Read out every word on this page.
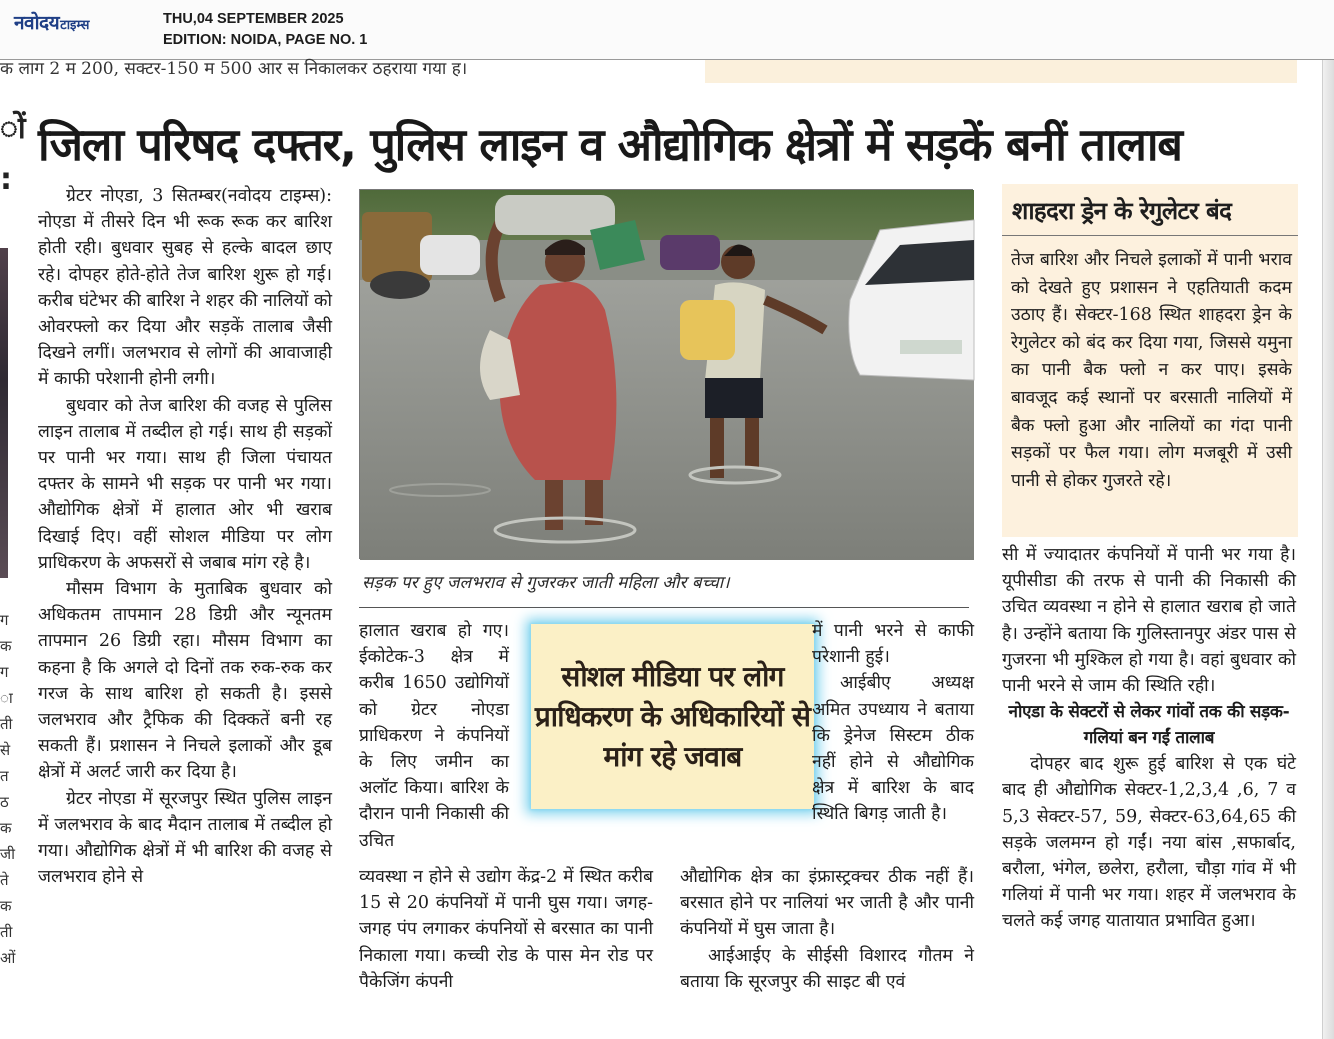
नवोदयटाइम्स	THU,04 SEPTEMBER 2025
EDITION: NOIDA, PAGE NO. 1
क लाग 2 म 200, सक्टर-150 म 500 आर स निकालकर ठहराया गया ह।
ों
:
ग
क
ग
ा
ती
से
त
ठ
क
जी
ते
क
ती
ओं
जिला परिषद दफ्तर, पुलिस लाइन व औद्योगिक क्षेत्रों में सड़कें बनीं तालाब

ग्रेटर नोएडा, 3 सितम्बर(नवोदय टाइम्स): नोएडा में तीसरे दिन भी रूक रूक कर बारिश होती रही। बुधवार सुबह से हल्के बादल छाए रहे। दोपहर होते-होते तेज बारिश शुरू हो गई। करीब घंटेभर की बारिश ने शहर की नालियों को ओवरफ्लो कर दिया और सड़कें तालाब जैसी दिखने लगीं। जलभराव से लोगों की आवाजाही में काफी परेशानी होनी लगी।

बुधवार को तेज बारिश की वजह से पुलिस लाइन तालाब में तब्दील हो गई। साथ ही सड़कों पर पानी भर गया। साथ ही जिला पंचायत दफ्तर के सामने भी सड़क पर पानी भर गया। औद्योगिक क्षेत्रों में हालात ओर भी खराब दिखाई दिए। वहीं सोशल मीडिया पर लोग प्राधिकरण के अफसरों से जबाब मांग रहे है।

मौसम विभाग के मुताबिक बुधवार को अधिकतम तापमान 28 डिग्री और न्यूनतम तापमान 26 डिग्री रहा। मौसम विभाग का कहना है कि अगले दो दिनों तक रुक-रुक कर गरज के साथ बारिश हो सकती है। इससे जलभराव और ट्रैफिक की दिक्कतें बनी रह सकती हैं। प्रशासन ने निचले इलाकों और डूब क्षेत्रों में अलर्ट जारी कर दिया है।

ग्रेटर नोएडा में सूरजपुर स्थित पुलिस लाइन में जलभराव के बाद मैदान तालाब में तब्दील हो गया। औद्योगिक क्षेत्रों में भी बारिश की वजह से जलभराव होने से

सड़क पर हुए जलभराव से गुजरकर जाती महिला और बच्चा।

हालात खराब हो गए। ईकोटेक-3 क्षेत्र में करीब 1650 उद्योगियों को ग्रेटर नोएडा प्राधिकरण ने कंपनियों के लिए जमीन का अलॉट किया। बारिश के दौरान पानी निकासी की उचित

व्यवस्था न होने से उद्योग केंद्र-2 में स्थित करीब 15 से 20 कंपनियों में पानी घुस गया। जगह-जगह पंप लगाकर कंपनियों से बरसात का पानी निकाला गया। कच्ची रोड के पास मेन रोड पर पैकेजिंग कंपनी

सोशल मीडिया पर लोग प्राधिकरण के अधिकारियों से मांग रहे जवाब

में पानी भरने से काफी परेशानी हुई।

आईबीए अध्यक्ष अमित उपध्याय ने बताया कि ड्रेनेज सिस्टम ठीक नहीं होने से औद्योगिक क्षेत्र में बारिश के बाद स्थिति बिगड़ जाती है।

औद्योगिक क्षेत्र का इंफ्रास्ट्रक्चर ठीक नहीं हैं। बरसात होने पर नालियां भर जाती है और पानी कंपनियों में घुस जाता है।

आईआईए के सीईसी विशारद गौतम ने बताया कि सूरजपुर की साइट बी एवं

शाहदरा ड्रेन के रेगुलेटर बंद
तेज बारिश और निचले इलाकों में पानी भराव को देखते हुए प्रशासन ने एहतियाती कदम उठाए हैं। सेक्टर-168 स्थित शाहदरा ड्रेन के रेगुलेटर को बंद कर दिया गया, जिससे यमुना का पानी बैक फ्लो न कर पाए। इसके बावजूद कई स्थानों पर बरसाती नालियों में बैक फ्लो हुआ और नालियों का गंदा पानी सड़कों पर फैल गया। लोग मजबूरी में उसी पानी से होकर गुजरते रहे।

सी में ज्यादातर कंपनियों में पानी भर गया है। यूपीसीडा की तरफ से पानी की निकासी की उचित व्यवस्था न होने से हालात खराब हो जाते है। उन्होंने बताया कि गुलिस्तानपुर अंडर पास से गुजरना भी मुश्किल हो गया है। वहां बुधवार को पानी भरने से जाम की स्थिति रही।

नोएडा के सेक्टरों से लेकर गांवों तक की सड़क-गलियां बन गईं तालाब

दोपहर बाद शुरू हुई बारिश से एक घंटे बाद ही औद्योगिक सेक्टर-1,2,3,4 ,6, 7 व 5,3 सेक्टर-57, 59, सेक्टर-63,64,65 की सड़के जलमग्न हो गईं। नया बांस ,सफार्बाद, बरौला, भंगेल, छलेरा, हरौला, चौड़ा गांव में भी गलियां में पानी भर गया। शहर में जलभराव के चलते कई जगह यातायात प्रभावित हुआ।
